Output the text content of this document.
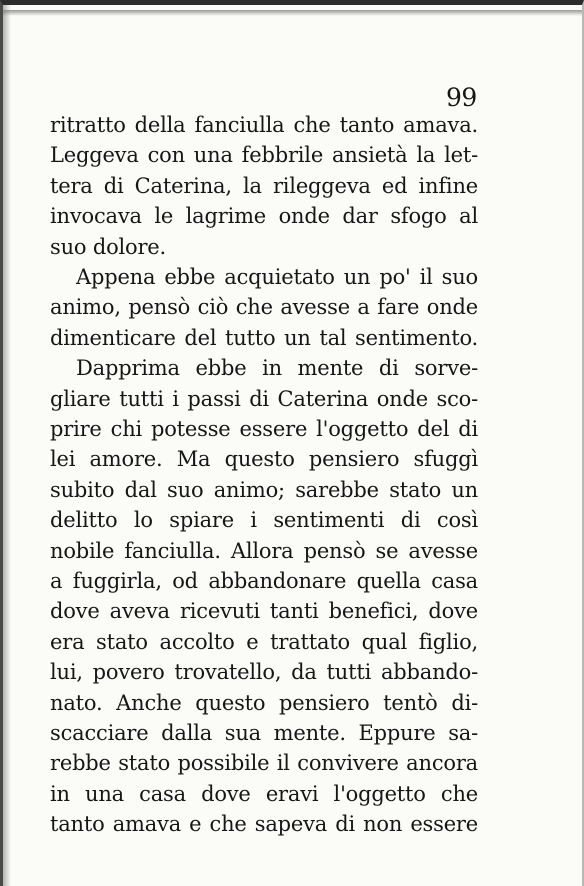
99
ritratto della fanciulla che tanto amava.
Leggeva con una febbrile ansietà la let-
tera di Caterina, la rileggeva ed infine
invocava le lagrime onde dar sfogo al
suo dolore.
Appena ebbe acquietato un po' il suo
animo, pensò ciò che avesse a fare onde
dimenticare del tutto un tal sentimento.
Dapprima ebbe in mente di sorve-
gliare tutti i passi di Caterina onde sco-
prire chi potesse essere l'oggetto del di
lei amore. Ma questo pensiero sfuggì
subito dal suo animo; sarebbe stato un
delitto lo spiare i sentimenti di così
nobile fanciulla. Allora pensò se avesse
a fuggirla, od abbandonare quella casa
dove aveva ricevuti tanti benefici, dove
era stato accolto e trattato qual figlio,
lui, povero trovatello, da tutti abbando-
nato. Anche questo pensiero tentò di-
scacciare dalla sua mente. Eppure sa-
rebbe stato possibile il convivere ancora
in una casa dove eravi l'oggetto che
tanto amava e che sapeva di non essere
